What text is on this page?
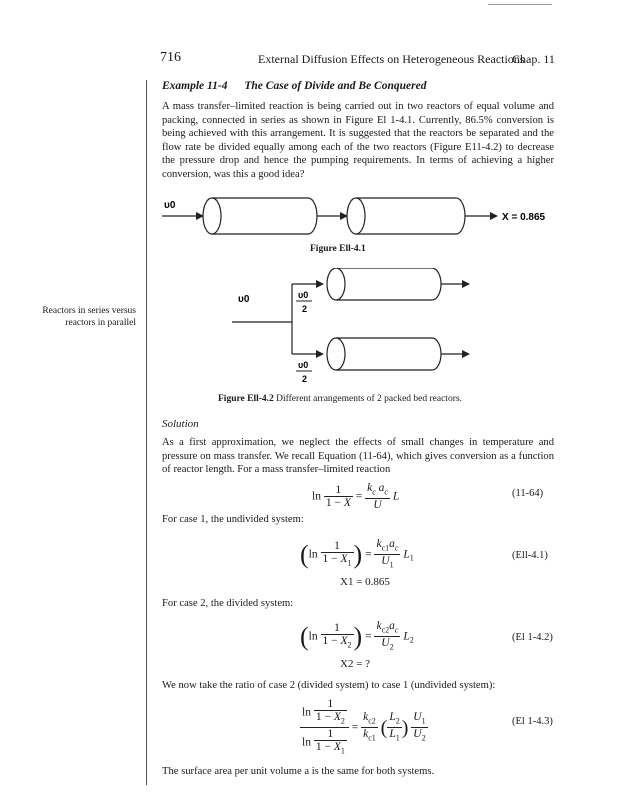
716	External Diffusion Effects on Heterogeneous Reactions
Chap. 11
Example 11-4 The Case of Divide and Be Conquered
A mass transfer–limited reaction is being carried out in two reactors of equal volume and packing, connected in series as shown in Figure El 1-4.1. Currently, 86.5% conversion is being achieved with this arrangement. It is suggested that the reactors be separated and the flow rate be divided equally among each of the two reactors (Figure E11-4.2) to decrease the pressure drop and hence the pumping requirements. In terms of achieving a higher conversion, was this a good idea?
υ0
X = 0.865
Figure Ell-4.1
υ0	υ0
2
υ0
2
Figure Ell-4.2 Different arrangements of 2 packed bed reactors.
Reactors in series versus reactors in parallel
Solution
As a first approximation, we neglect the effects of small changes in temperature and pressure on mass transfer. We recall Equation (11-64), which gives conversion as a function of reactor length. For a mass transfer–limited reaction
$\ln \frac{1}{1 - X} = \frac{k_c a_c}{U}$ L	(11-64)
For case 1, the undivided system:
($\ln \frac{1}{1 - X_1}$ ) = $\frac{k_{c1}a_c}{U_1} L_1$	(Ell-4.1)
X1 = 0.865
For case 2, the divided system:
($\ln \frac{1}{1 - X_2}$ ) = $\frac{k_{c2}a_c}{U_2} L_2$	(El 1-4.2)
X2 = ?
We now take the ratio of case 2 (divided system) to case 1 (undivided system):
$\frac{\ln \frac{1}{1 - X_2}}{\ln \frac{1}{1 - X_1}} = \frac{k_{c2}}{k_{c1}}$ ( $\frac{L_2}{L_1}$ ) $\frac{U_1}{U_2}$	(El 1-4.3)
The surface area per unit volume a is the same for both systems.
